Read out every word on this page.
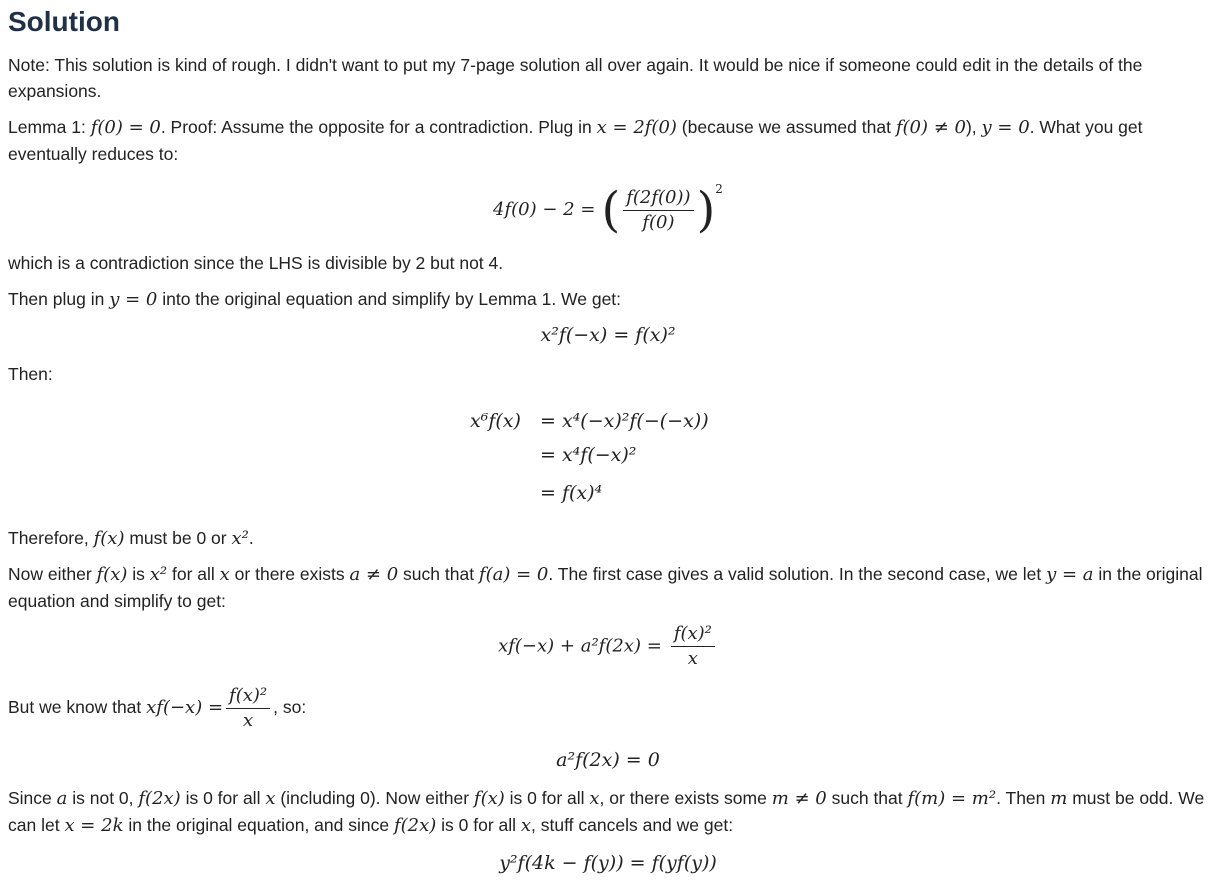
Solution

Note: This solution is kind of rough. I didn't want to put my 7-page solution all over again. It would be nice if someone could edit in the details of the expansions.

Lemma 1: f(0) = 0. Proof: Assume the opposite for a contradiction. Plug in x = 2f(0) (because we assumed that f(0) ≠ 0), y = 0. What you get eventually reduces to:

4f(0) − 2 = ( $\frac{f(2f(0))}{f(0)} )^2$

which is a contradiction since the LHS is divisible by 2 but not 4.

Then plug in y = 0 into the original equation and simplify by Lemma 1. We get:

x²f(−x) = f(x)²

Then:

x⁶f(x) = x⁴(−x)²f(−(−x))
= x⁴f(−x)²
= f(x)⁴

Therefore, f(x) must be 0 or x².

Now either f(x) is x² for all x or there exists a ≠ 0 such that f(a) = 0. The first case gives a valid solution. In the second case, we let y = a in the original equation and simplify to get:

$xf(-x) + a^2f(2x) = \frac{\text{f(x)²}}{x}$

But we know that $xf(-x) = \frac{\text{f(x)²}}{x}$ , so:

a²f(2x) = 0

Since a is not 0, f(2x) is 0 for all x (including 0). Now either f(x) is 0 for all x, or there exists some m ≠ 0 such that f(m) = m². Then m must be odd. We can let x = 2k in the original equation, and since f(2x) is 0 for all x, stuff cancels and we get:

y²f(4k − f(y)) = f(yf(y))
